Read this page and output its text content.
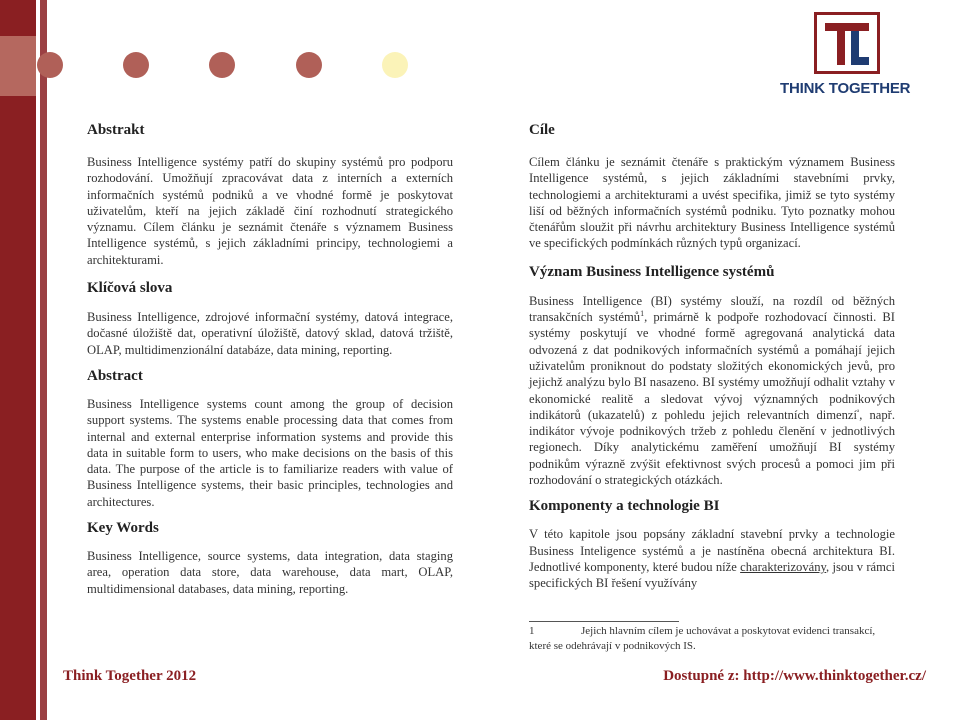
THINK TOGETHER
Abstrakt
Business Intelligence systémy patří do skupiny systémů pro podporu rozhodování. Umožňují zpracovávat data z interních a externích informačních systémů podniků a ve vhodné formě je poskytovat uživatelům, kteří na jejich základě činí rozhodnutí strategického významu. Cílem článku je seznámit čtenáře s významem Business Intelligence systémů, s jejich základními principy, technologiemi a architekturami.
Klíčová slova
Business Intelligence, zdrojové informační systémy, datová integrace, dočasné úložiště dat, operativní úložiště, datový sklad, datová tržiště, OLAP, multidimenzionální databáze, data mining, reporting.
Abstract
Business Intelligence systems count among the group of decision support systems. The systems enable processing data that comes from internal and external enterprise information systems and provide this data in suitable form to users, who make decisions on the basis of this data. The purpose of the article is to familiarize readers with value of Business Intelligence systems, their basic principles, technologies and architectures.
Key Words
Business Intelligence, source systems, data integration, data staging area, operation data store, data warehouse, data mart, OLAP, multidimensional databases, data mining, reporting.
Cíle
Cílem článku je seznámit čtenáře s praktickým významem Business Intelligence systémů, s jejich základními stavebními prvky, technologiemi a architekturami a uvést specifika, jimiž se tyto systémy liší od běžných informačních systémů podniku. Tyto poznatky mohou čtenářům sloužit při návrhu architektury Business Intelligence systémů ve specifických podmínkách různých typů organizací.
Význam Business Intelligence systémů
Business Intelligence (BI) systémy slouží, na rozdíl od běžných transakčních systémů$^1$, primárně k podpoře rozhodovací činnosti. BI systémy poskytují ve vhodné formě agregovaná analytická data odvozená z dat podnikových informačních systémů a pomáhají jejich uživatelům proniknout do podstaty složitých ekonomických jevů, pro jejichž analýzu bylo BI nasazeno. BI systémy umožňují odhalit vztahy v ekonomické realitě a sledovat vývoj významných podnikových indikátorů (ukazatelů) z pohledu jejich relevantních dimenzí$^ᵃ$, např. indikátor vývoje podnikových tržeb z pohledu členění v jednotlivých regionech. Díky analytickému zaměření umožňují BI systémy podnikům výrazně zvýšit efektivnost svých procesů a pomoci jim při rozhodování o strategických otázkách.
Komponenty a technologie BI
V této kapitole jsou popsány základní stavební prvky a technologie Business Inteligence systémů a je nastíněna obecná architektura BI. Jednotlivé komponenty, které budou níže charakterizovány, jsou v rámci specifických BI řešení využívány
1	Jejich hlavním cílem je uchovávat a poskytovat evidenci transakcí, které se odehrávají v podnikových IS.
Think Together 2012	Dostupné z: http://www.thinktogether.cz/
